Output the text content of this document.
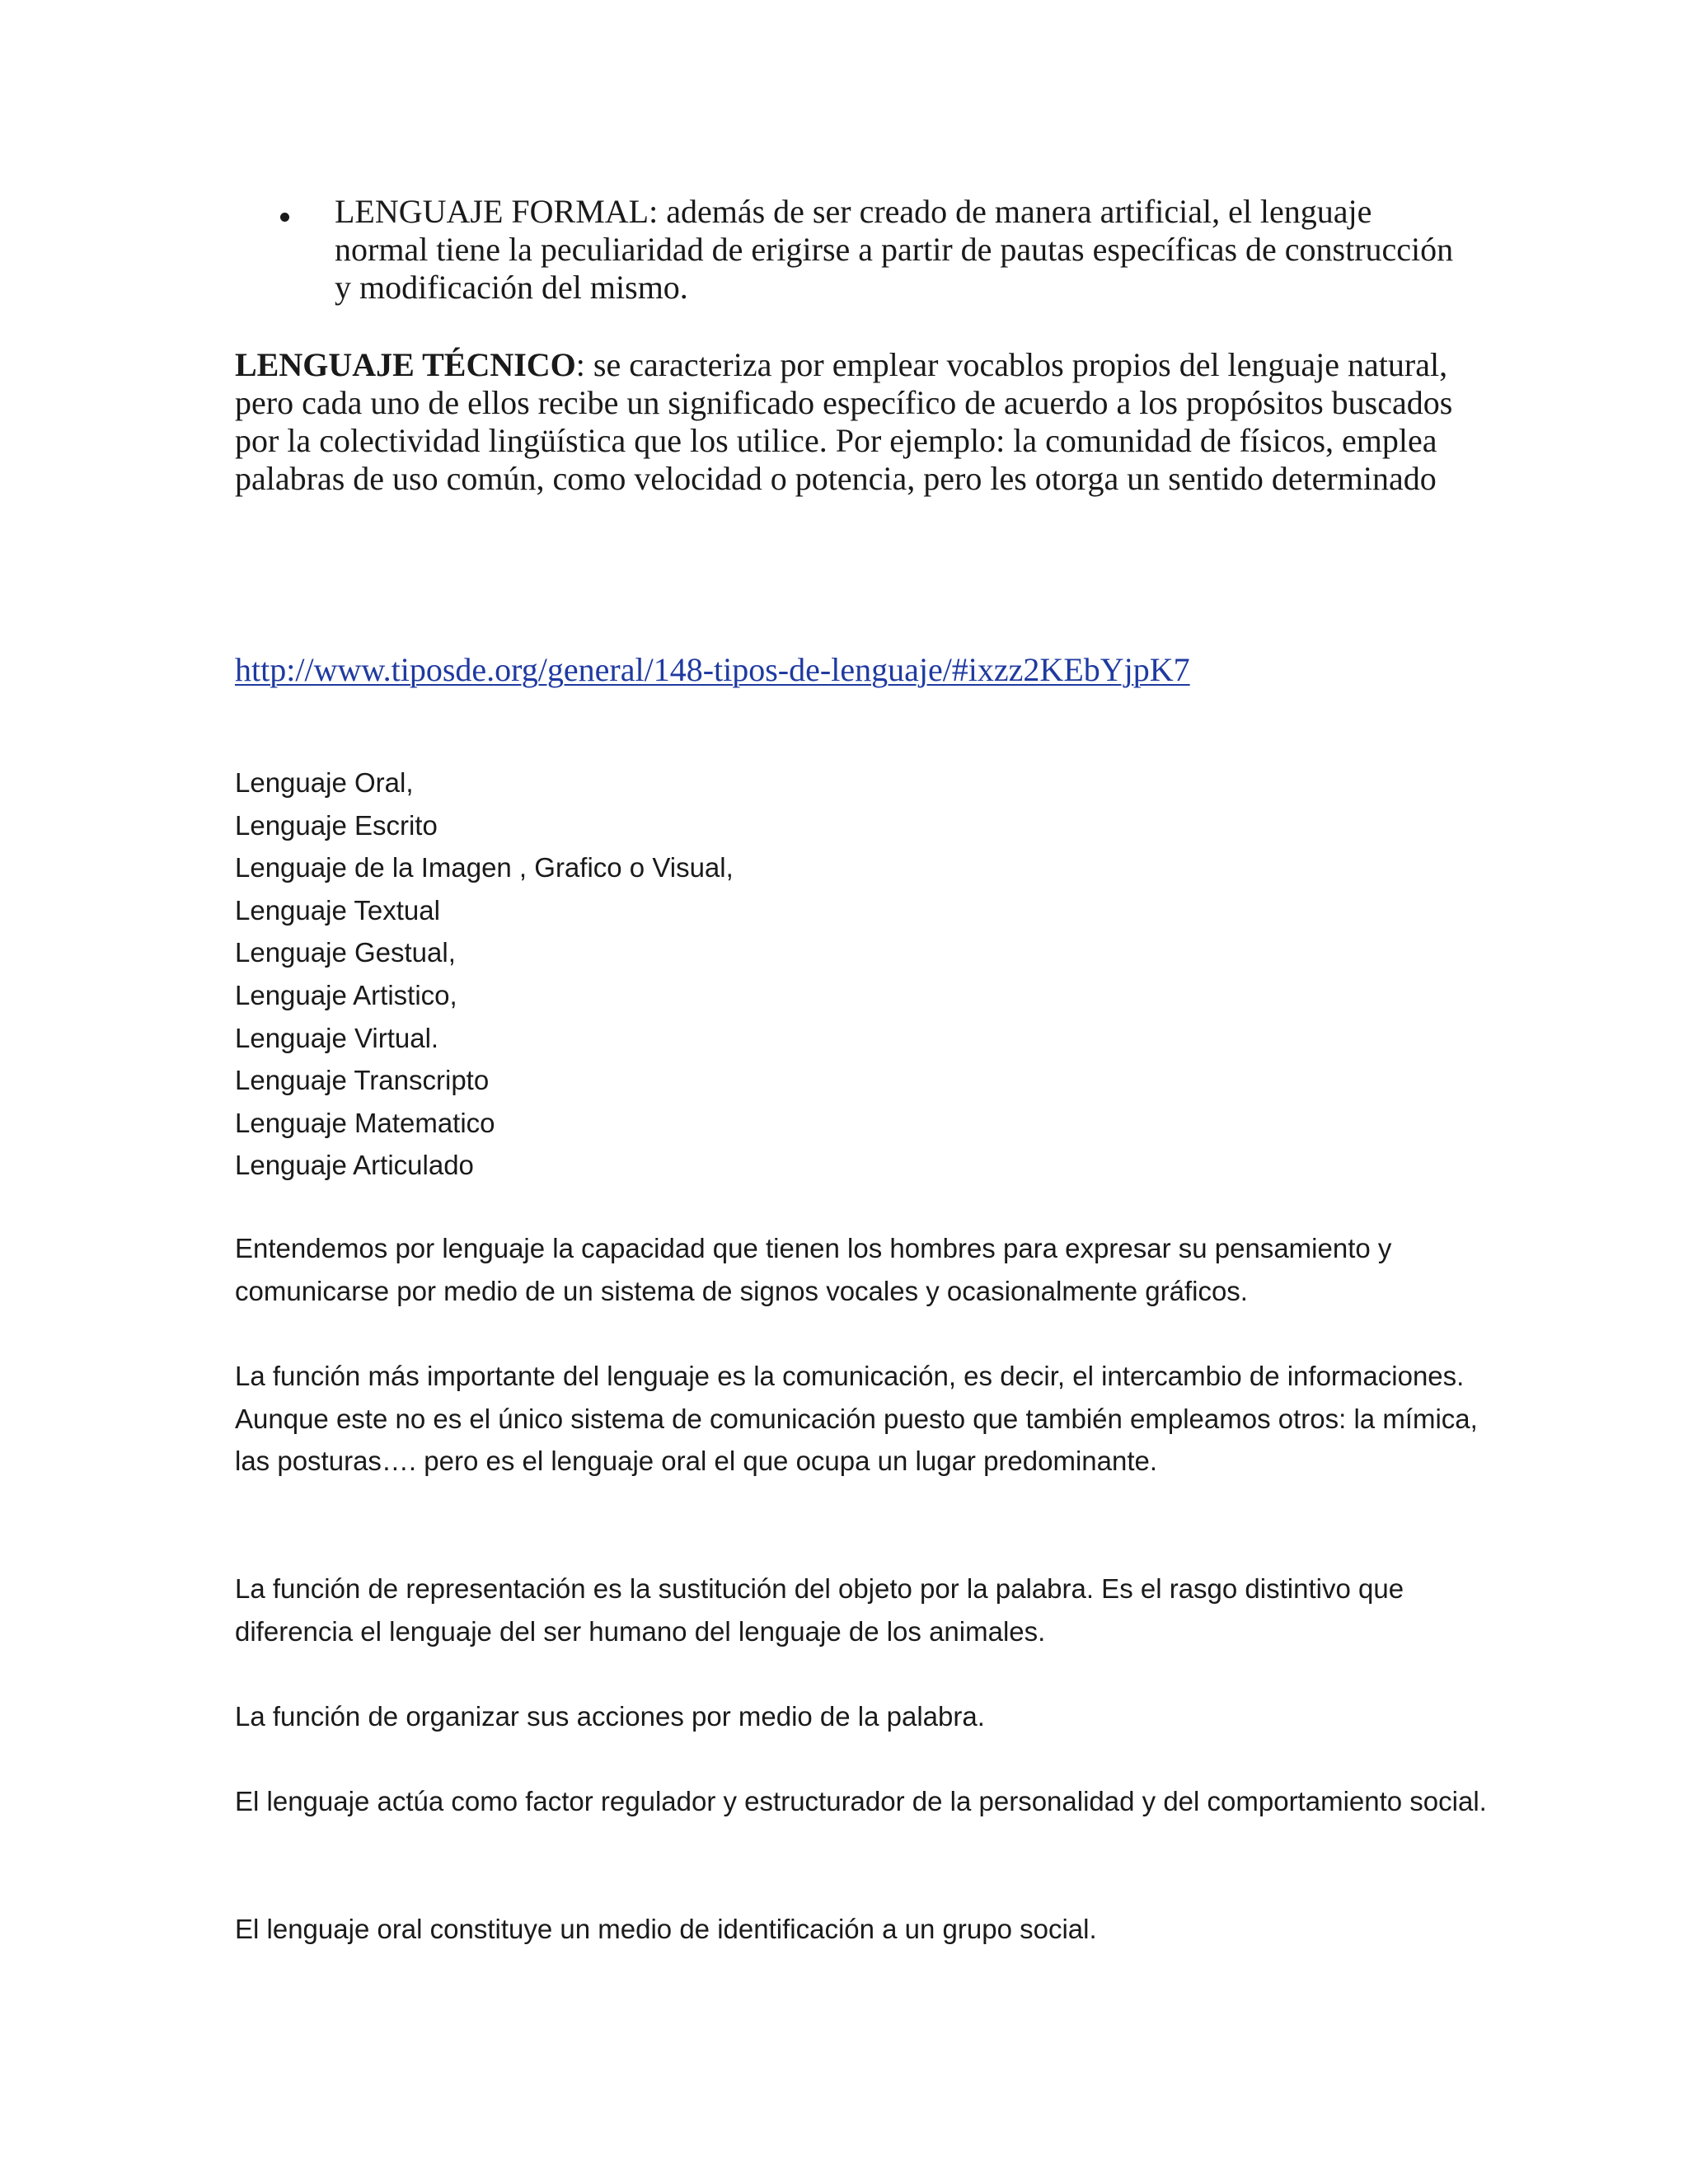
LENGUAJE FORMAL: además de ser creado de manera artificial, el lenguaje normal tiene la peculiaridad de erigirse a partir de pautas específicas de construcción y modificación del mismo.
LENGUAJE TÉCNICO: se caracteriza por emplear vocablos propios del lenguaje natural, pero cada uno de ellos recibe un significado específico de acuerdo a los propósitos buscados por la colectividad lingüística que los utilice. Por ejemplo: la comunidad de físicos, emplea palabras de uso común, como velocidad o potencia, pero les otorga un sentido determinado
http://www.tiposde.org/general/148-tipos-de-lenguaje/#ixzz2KEbYjpK7
Lenguaje Oral,
Lenguaje Escrito
Lenguaje de la Imagen , Grafico o Visual,
Lenguaje Textual
Lenguaje Gestual,
Lenguaje Artistico,
Lenguaje Virtual.
Lenguaje Transcripto
Lenguaje Matematico
Lenguaje Articulado

Entendemos por lenguaje la capacidad que tienen los hombres para expresar su pensamiento y comunicarse por medio de un sistema de signos vocales y ocasionalmente gráficos.

La función más importante del lenguaje es la comunicación, es decir, el intercambio de informaciones. Aunque este no es el único sistema de comunicación puesto que también empleamos otros: la mímica, las posturas…. pero es el lenguaje oral el que ocupa un lugar predominante.

La función de representación es la sustitución del objeto por la palabra. Es el rasgo distintivo que diferencia el lenguaje del ser humano del lenguaje de los animales.

La función de organizar sus acciones por medio de la palabra.

El lenguaje actúa como factor regulador y estructurador de la personalidad y del comportamiento social.

El lenguaje oral constituye un medio de identificación a un grupo social.
